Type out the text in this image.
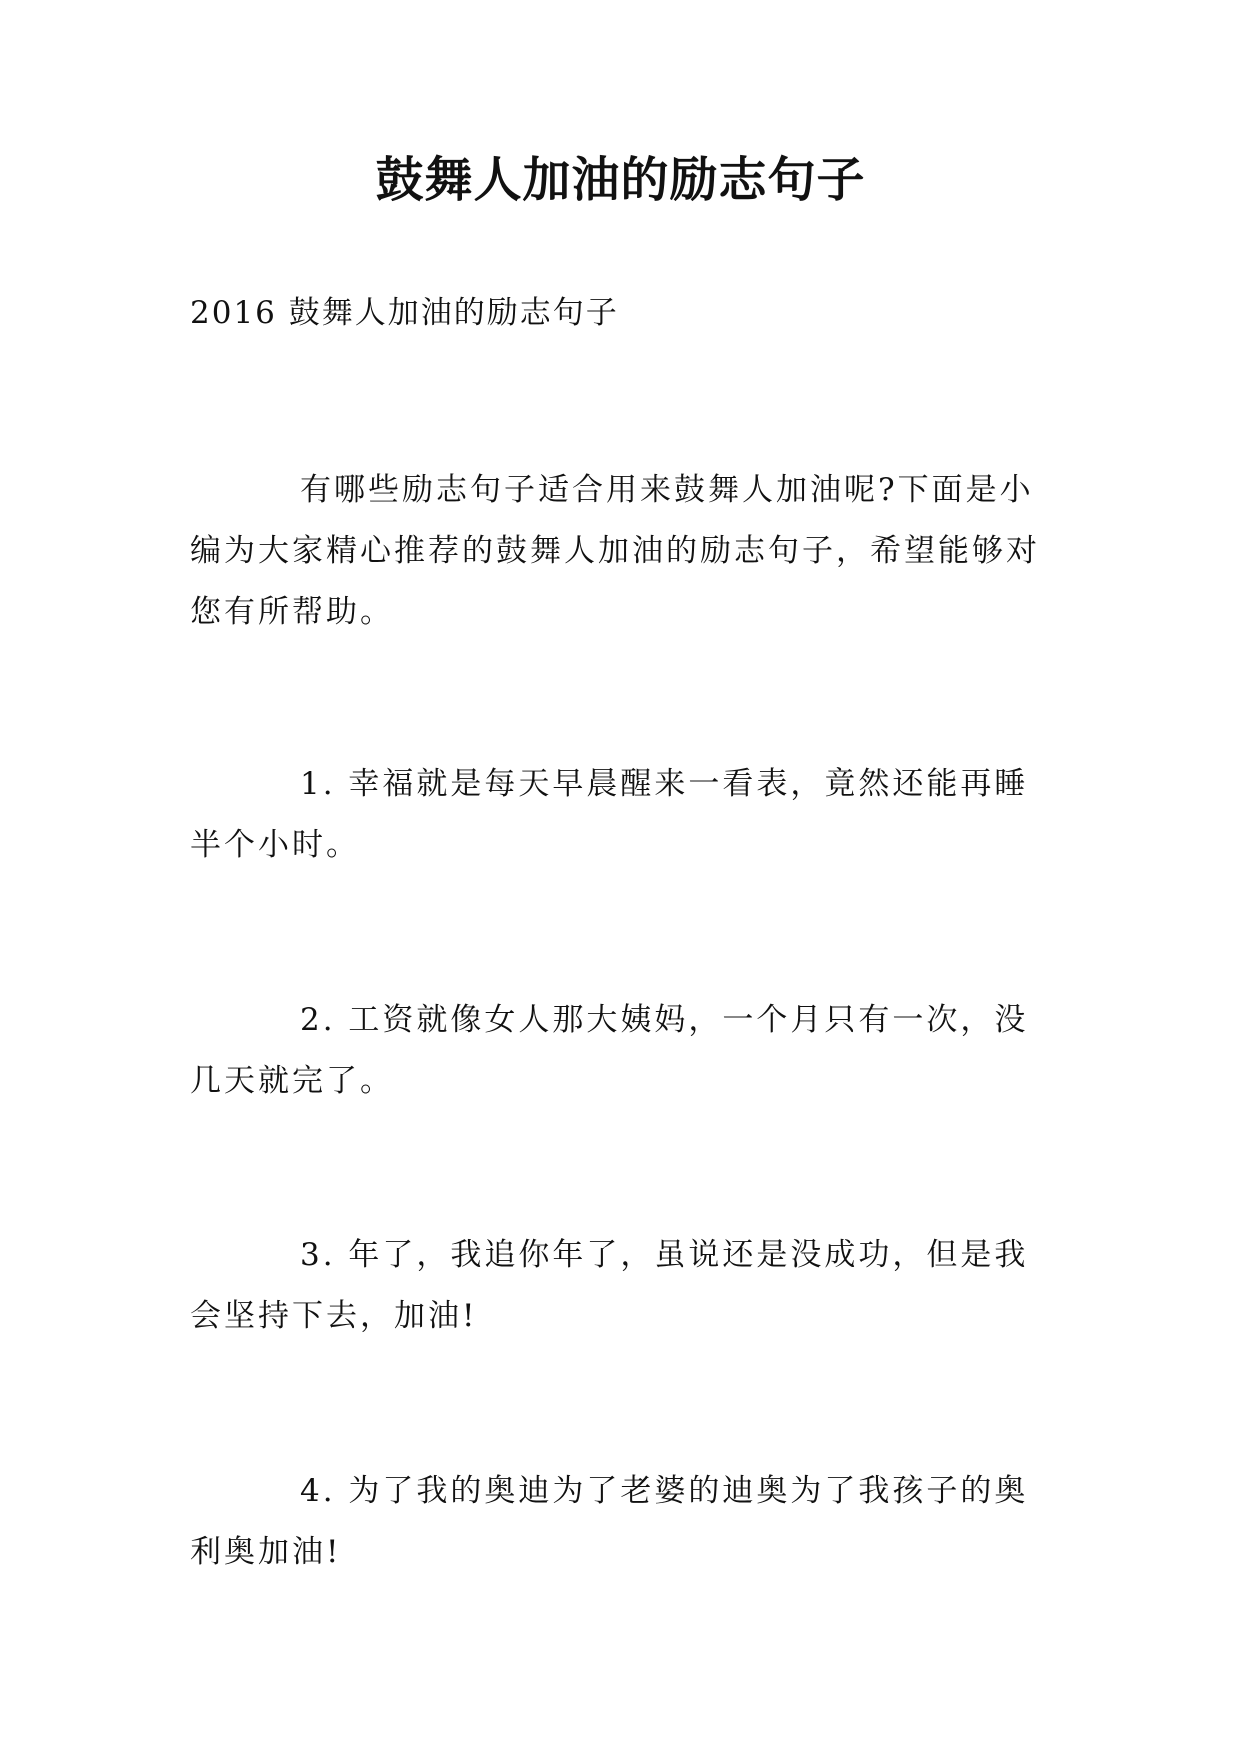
鼓舞人加油的励志句子
2016 鼓舞人加油的励志句子

有哪些励志句子适合用来鼓舞人加油呢?下面是小编为大家精心推荐的鼓舞人加油的励志句子，希望能够对您有所帮助。

1. 幸福就是每天早晨醒来一看表，竟然还能再睡半个小时。

2. 工资就像女人那大姨妈，一个月只有一次，没几天就完了。

3. 年了，我追你年了，虽说还是没成功，但是我会坚持下去，加油!

4. 为了我的奥迪为了老婆的迪奥为了我孩子的奥利奥加油!
